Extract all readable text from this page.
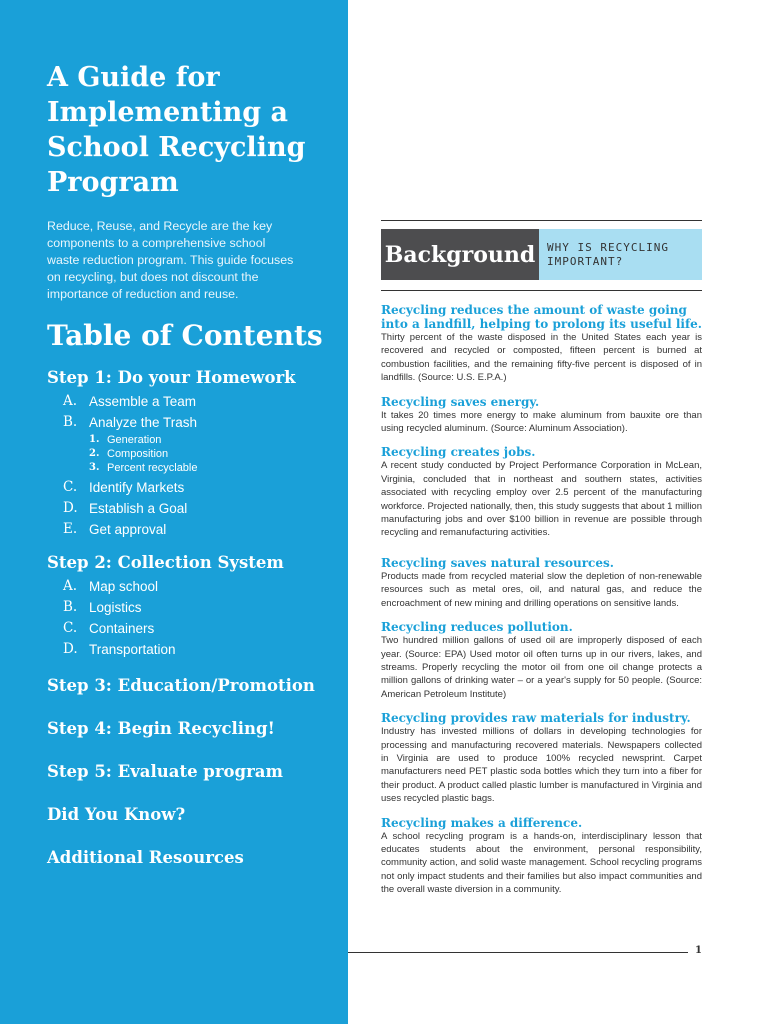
A Guide for
Implementing a
School Recycling
Program
Reduce, Reuse, and Recycle are the key
components to a comprehensive school
waste reduction program. This guide focuses
on recycling, but does not discount the
importance of reduction and reuse.
Table of Contents
Step 1: Do your Homework
A. Assemble a Team
B. Analyze the Trash
1. Generation
2. Composition
3. Percent recyclable
C. Identify Markets
D. Establish a Goal
E. Get approval
Step 2: Collection System
A. Map school
B. Logistics
C. Containers
D. Transportation
Step 3: Education/Promotion
Step 4: Begin Recycling!
Step 5: Evaluate program
Did You Know?
Additional Resources
Background	WHY IS RECYCLING
IMPORTANT?
Recycling reduces the amount of waste going into a landfill, helping to prolong its useful life.

Thirty percent of the waste disposed in the United States each year is recovered and recycled or composted, fifteen percent is burned at combustion facilities, and the remaining fifty-five percent is disposed of in landfills. (Source: U.S. E.P.A.)

Recycling saves energy.

It takes 20 times more energy to make aluminum from bauxite ore than using recycled aluminum. (Source: Aluminum Association).

Recycling creates jobs.

A recent study conducted by Project Performance Corporation in McLean, Virginia, concluded that in northeast and southern states, activities associated with recycling employ over 2.5 percent of the manufacturing workforce. Projected nationally, then, this study suggests that about 1 million manufacturing jobs and over $100 billion in revenue are possible through recycling and remanufacturing activities.

Recycling saves natural resources.

Products made from recycled material slow the depletion of non-renewable resources such as metal ores, oil, and natural gas, and reduce the encroachment of new mining and drilling operations on sensitive lands.

Recycling reduces pollution.

Two hundred million gallons of used oil are improperly disposed of each year. (Source: EPA) Used motor oil often turns up in our rivers, lakes, and streams. Properly recycling the motor oil from one oil change protects a million gallons of drinking water – or a year's supply for 50 people. (Source: American Petroleum Institute)

Recycling provides raw materials for industry.

Industry has invested millions of dollars in developing technologies for processing and manufacturing recovered materials. Newspapers collected in Virginia are used to produce 100% recycled newsprint. Carpet manufacturers need PET plastic soda bottles which they turn into a fiber for their product. A product called plastic lumber is manufactured in Virginia and uses recycled plastic bags.

Recycling makes a difference.

A school recycling program is a hands-on, interdisciplinary lesson that educates students about the environment, personal responsibility, community action, and solid waste management. School recycling programs not only impact students and their families but also impact communities and the overall waste diversion in a community.

1
